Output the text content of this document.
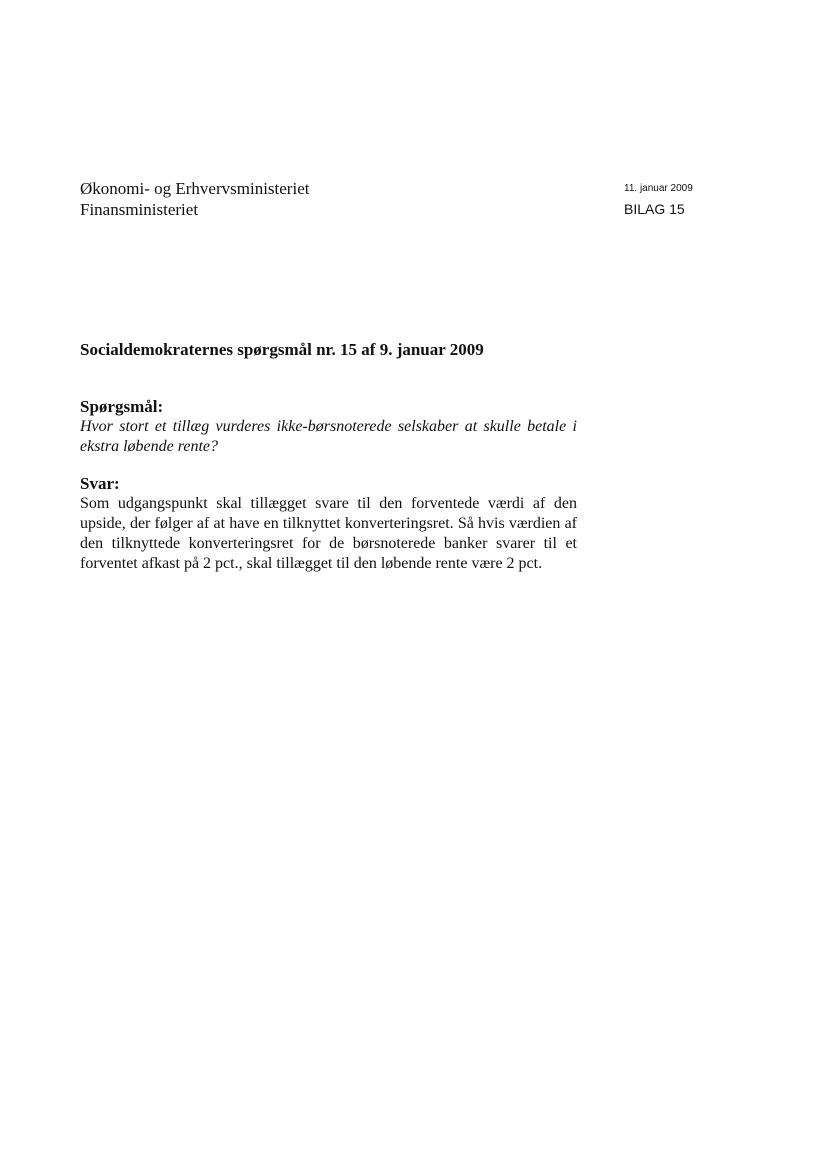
Økonomi- og Erhvervsministeriet
Finansministeriet
11. januar 2009
BILAG 15
Socialdemokraternes spørgsmål nr. 15 af 9. januar 2009
Spørgsmål:

Hvor stort et tillæg vurderes ikke-børsnoterede selskaber at skulle betale i ekstra løbende rente?

Svar:

Som udgangspunkt skal tillægget svare til den forventede værdi af den upside, der følger af at have en tilknyttet konverteringsret. Så hvis værdien af den tilknyttede konverteringsret for de børsnoterede banker svarer til et forventet afkast på 2 pct., skal tillægget til den løbende rente være 2 pct.
